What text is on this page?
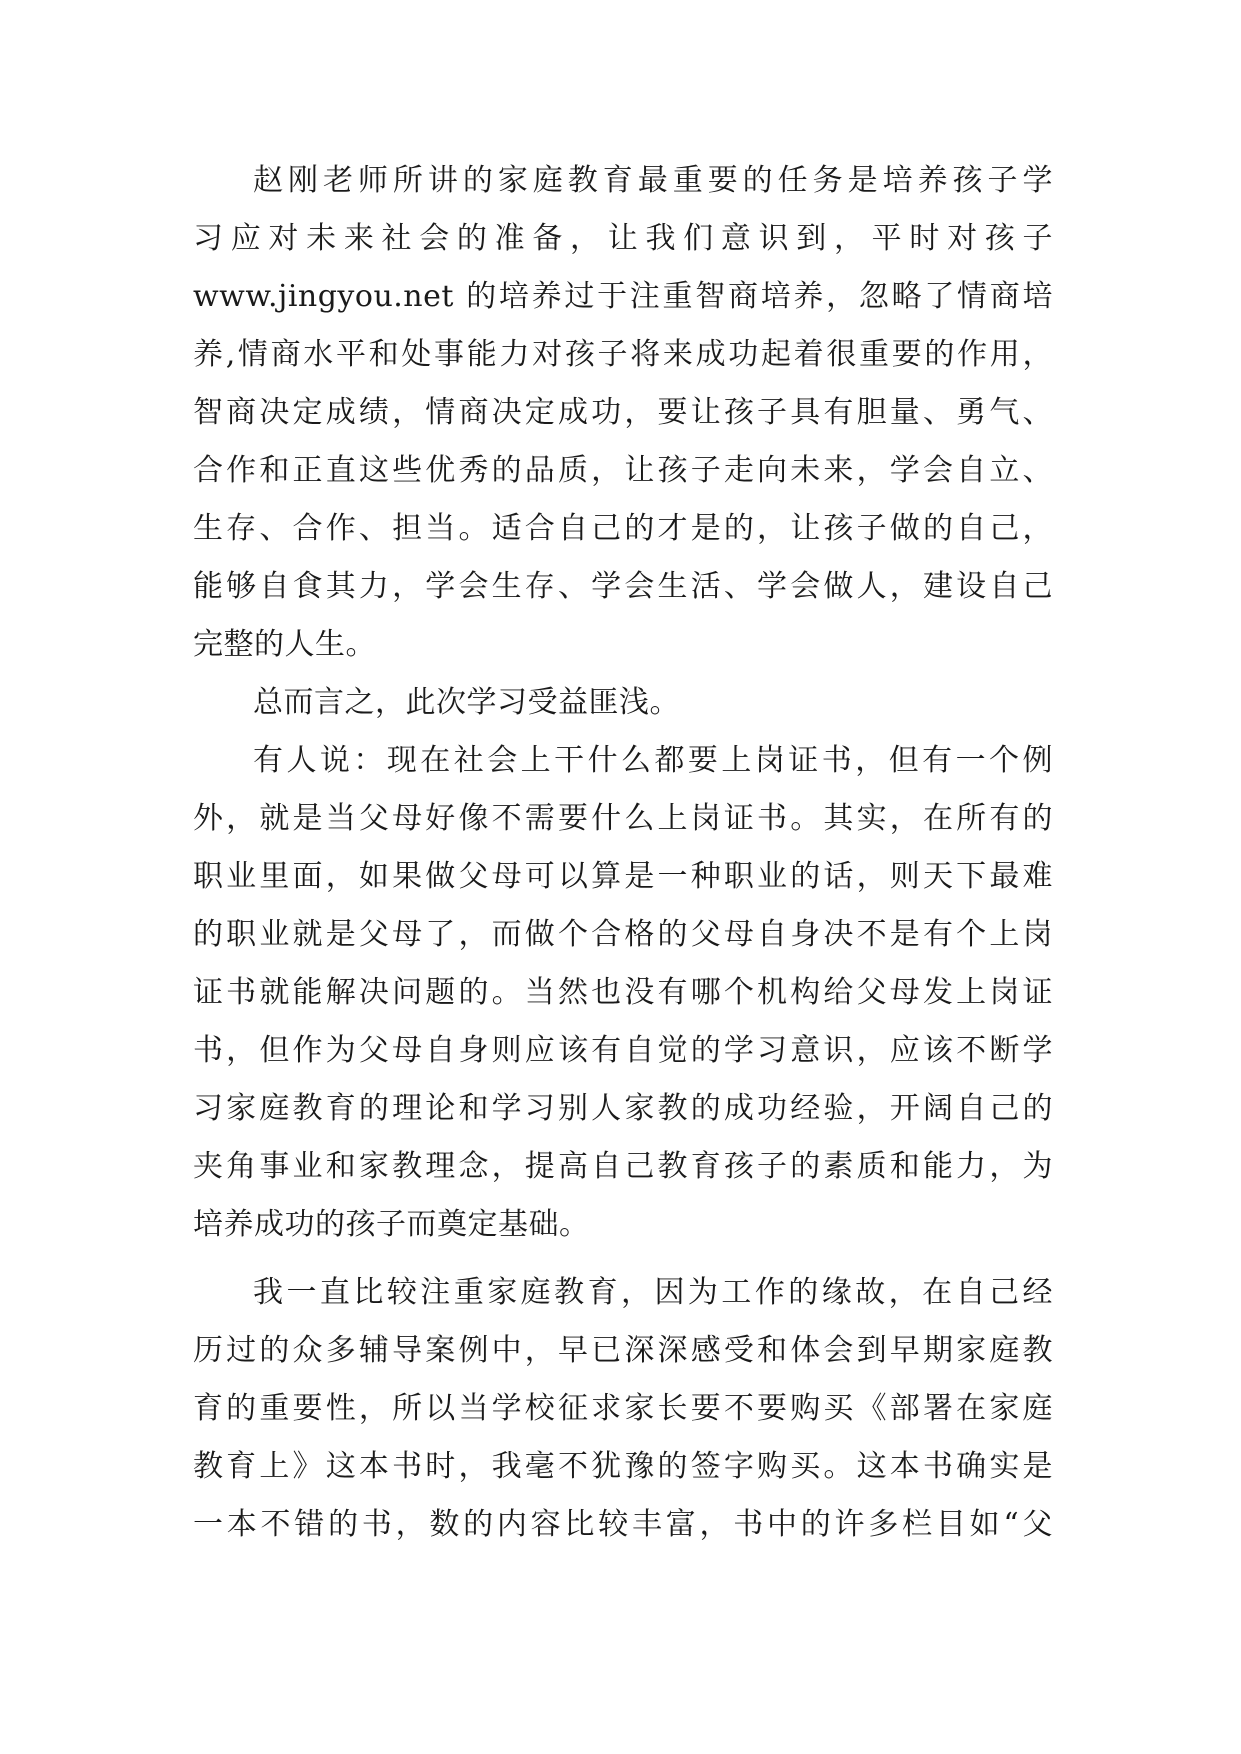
赵刚老师所讲的家庭教育最重要的任务是培养孩子学
习应对未来社会的准备，让我们意识到，平时对孩子
www.jingyou.net 的培养过于注重智商培养，忽略了情商培
养,情商水平和处事能力对孩子将来成功起着很重要的作用，
智商决定成绩，情商决定成功，要让孩子具有胆量、勇气、
合作和正直这些优秀的品质，让孩子走向未来，学会自立、
生存、合作、担当。适合自己的才是的，让孩子做的自己，
能够自食其力，学会生存、学会生活、学会做人，建设自己
完整的人生。
总而言之，此次学习受益匪浅。
有人说：现在社会上干什么都要上岗证书，但有一个例
外，就是当父母好像不需要什么上岗证书。其实，在所有的
职业里面，如果做父母可以算是一种职业的话，则天下最难
的职业就是父母了，而做个合格的父母自身决不是有个上岗
证书就能解决问题的。当然也没有哪个机构给父母发上岗证
书，但作为父母自身则应该有自觉的学习意识，应该不断学
习家庭教育的理论和学习别人家教的成功经验，开阔自己的
夹角事业和家教理念，提高自己教育孩子的素质和能力，为
培养成功的孩子而奠定基础。
我一直比较注重家庭教育，因为工作的缘故，在自己经
历过的众多辅导案例中，早已深深感受和体会到早期家庭教
育的重要性，所以当学校征求家长要不要购买《部署在家庭
教育上》这本书时，我毫不犹豫的签字购买。这本书确实是
一本不错的书，数的内容比较丰富，书中的许多栏目如“父
